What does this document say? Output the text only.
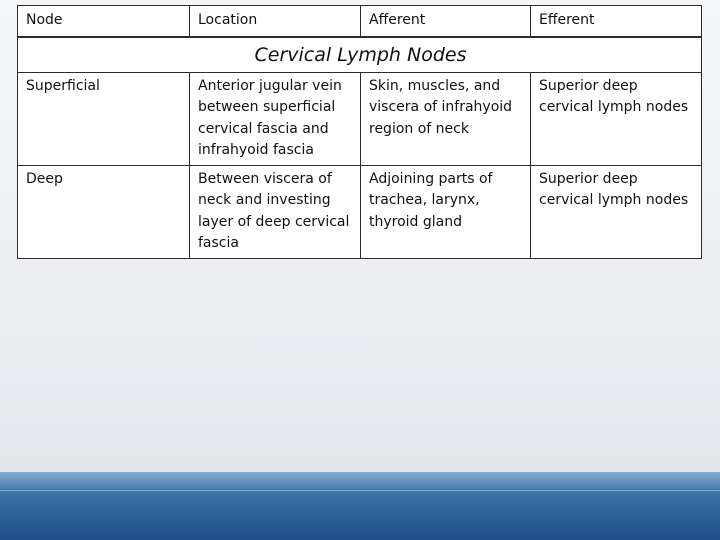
Node	Location	Afferent	Efferent
Cervical Lymph Nodes			
Superficial	Anterior jugular vein between superficial cervical fascia and infrahyoid fascia	Skin, muscles, and viscera of infrahyoid region of neck	Superior deep cervical lymph nodes
Deep	Between viscera of neck and investing layer of deep cervical fascia	Adjoining parts of trachea, larynx, thyroid gland	Superior deep cervical lymph nodes
